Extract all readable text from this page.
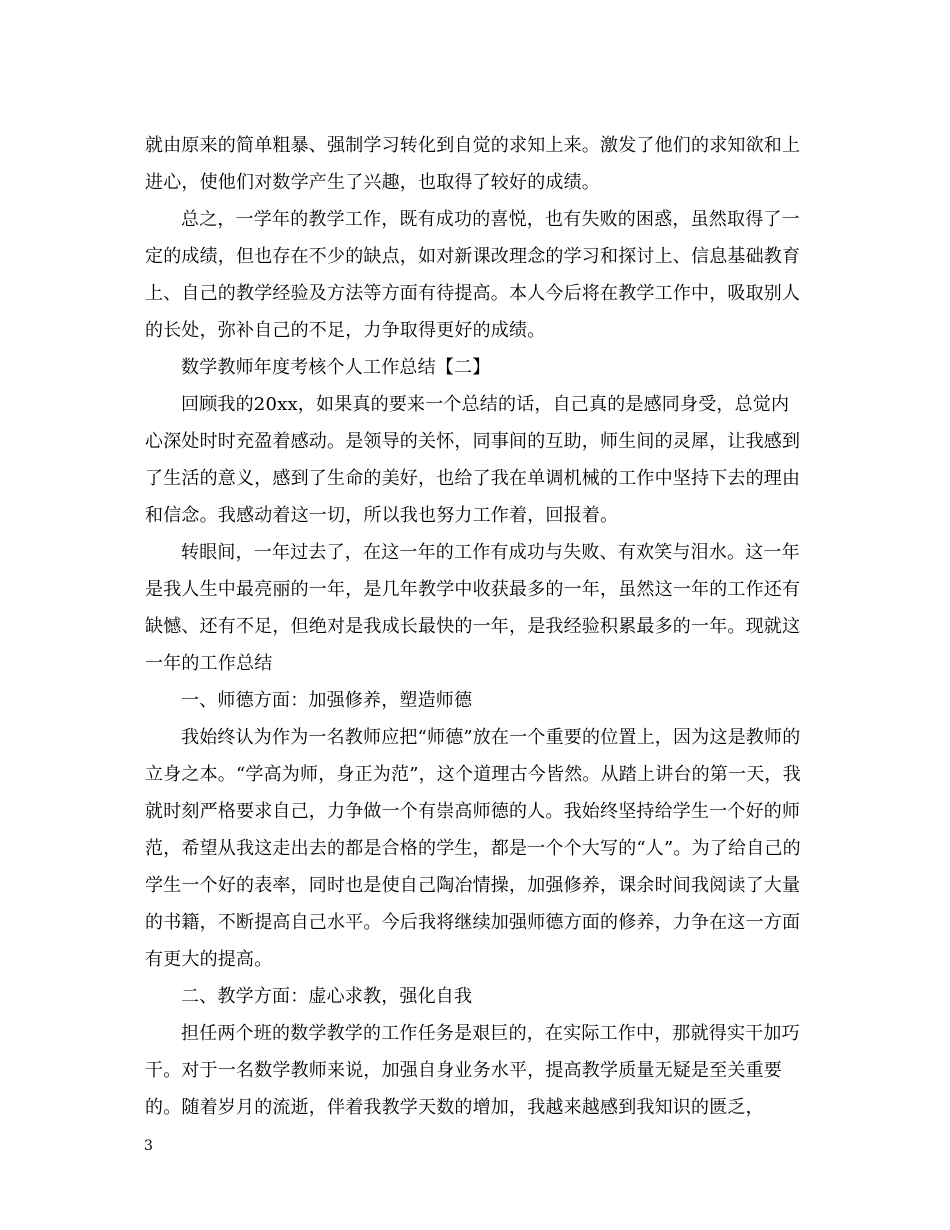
就由原来的简单粗暴、强制学习转化到自觉的求知上来。激发了他们的求知欲和上进心，使他们对数学产生了兴趣，也取得了较好的成绩。

总之，一学年的教学工作，既有成功的喜悦，也有失败的困惑，虽然取得了一定的成绩，但也存在不少的缺点，如对新课改理念的学习和探讨上、信息基础教育上、自己的教学经验及方法等方面有待提高。本人今后将在教学工作中，吸取别人的长处，弥补自己的不足，力争取得更好的成绩。

数学教师年度考核个人工作总结【二】

回顾我的20xx，如果真的要来一个总结的话，自己真的是感同身受，总觉内心深处时时充盈着感动。是领导的关怀，同事间的互助，师生间的灵犀，让我感到了生活的意义，感到了生命的美好，也给了我在单调机械的工作中坚持下去的理由和信念。我感动着这一切，所以我也努力工作着，回报着。

转眼间，一年过去了，在这一年的工作有成功与失败、有欢笑与泪水。这一年是我人生中最亮丽的一年，是几年教学中收获最多的一年，虽然这一年的工作还有缺憾、还有不足，但绝对是我成长最快的一年，是我经验积累最多的一年。现就这一年的工作总结

一、师德方面：加强修养，塑造师德

我始终认为作为一名教师应把“师德”放在一个重要的位置上，因为这是教师的立身之本。“学高为师，身正为范”，这个道理古今皆然。从踏上讲台的第一天，我就时刻严格要求自己，力争做一个有崇高师德的人。我始终坚持给学生一个好的师范，希望从我这走出去的都是合格的学生，都是一个个大写的“人”。为了给自己的学生一个好的表率，同时也是使自己陶冶情操，加强修养，课余时间我阅读了大量的书籍，不断提高自己水平。今后我将继续加强师德方面的修养，力争在这一方面有更大的提高。

二、教学方面：虚心求教，强化自我

担任两个班的数学教学的工作任务是艰巨的，在实际工作中，那就得实干加巧干。对于一名数学教师来说，加强自身业务水平，提高教学质量无疑是至关重要的。随着岁月的流逝，伴着我教学天数的增加，我越来越感到我知识的匮乏，

3
